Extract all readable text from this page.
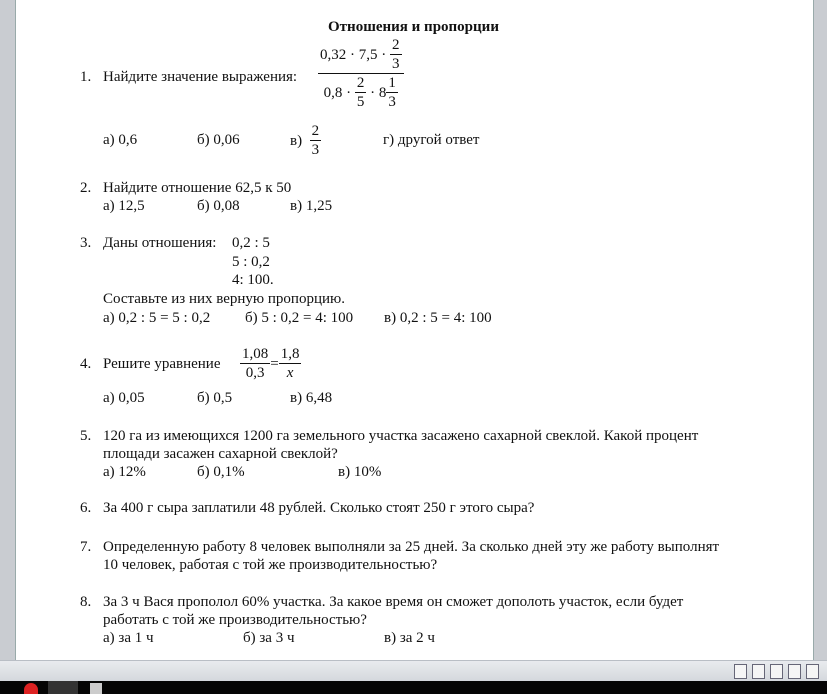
Отношения и пропорции
1. Найдите значение выражения: 0,32 · 7,5 ·
$\frac{2}{3}$
0,8 ·
$\frac{2}{5}$
· $8 \frac{1}{3}$
а) 0,6	б) 0,06	в)
$\frac{2}{3}$	г) другой ответ
2. Найдите отношение 62,5 к 50
а) 12,5	б) 0,08	в) 1,25
3. Даны отношения: 0,2 : 5
5 : 0,2
4: 100.
Составьте из них верную пропорцию.
а) 0,2 : 5 = 5 : 0,2 б) 5 : 0,2 = 4: 100 в) 0,2 : 5 = 4: 100
4. Решите уравнение $\frac{1,08}{0,3} = \frac{1,8}{x}$
а) 0,05	б) 0,5	в) 6,48
5. 120 га из имеющихся 1200 га земельного участка засажено сахарной свеклой. Какой процент
площади засажен сахарной свеклой?
а) 12%	б) 0,1%	в) 10%
6. За 400 г сыра заплатили 48 рублей. Сколько стоят 250 г этого сыра?
7. Определенную работу 8 человек выполняли за 25 дней. За сколько дней эту же работу выполнят
10 человек, работая с той же производительностью?
8. За 3 ч Вася прополол 60% участка. За какое время он сможет дополоть участок, если будет
работать с той же производительностью?
а) за 1 ч	б) за 3 ч	в) за 2 ч
